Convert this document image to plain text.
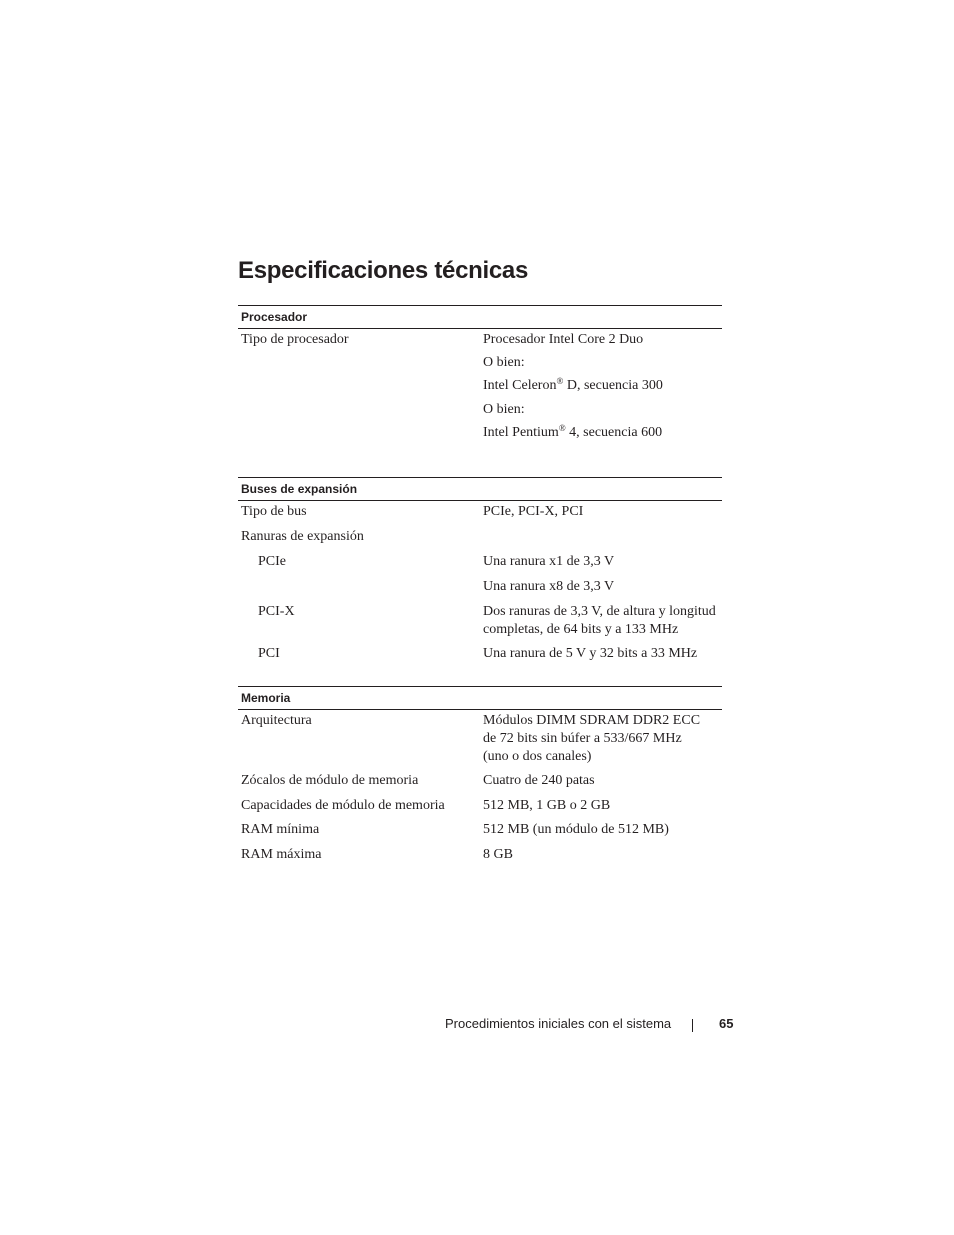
Especificaciones técnicas
Procesador
Tipo de procesador	Procesador Intel Core 2 Duo
O bien:
Intel Celeron® D, secuencia 300
O bien:
Intel Pentium® 4, secuencia 600
Buses de expansión
Tipo de bus	PCIe, PCI-X, PCI
Ranuras de expansión
PCIe	Una ranura x1 de 3,3 V
Una ranura x8 de 3,3 V
PCI-X	Dos ranuras de 3,3 V, de altura y longitud
completas, de 64 bits y a 133 MHz
PCI	Una ranura de 5 V y 32 bits a 33 MHz
Memoria
Arquitectura	Módulos DIMM SDRAM DDR2 ECC
de 72 bits sin búfer a 533/667 MHz
(uno o dos canales)
Zócalos de módulo de memoria	Cuatro de 240 patas
Capacidades de módulo de memoria	512 MB, 1 GB o 2 GB
RAM mínima	512 MB (un módulo de 512 MB)
RAM máxima	8 GB
Procedimientos iniciales con el sistema	65
